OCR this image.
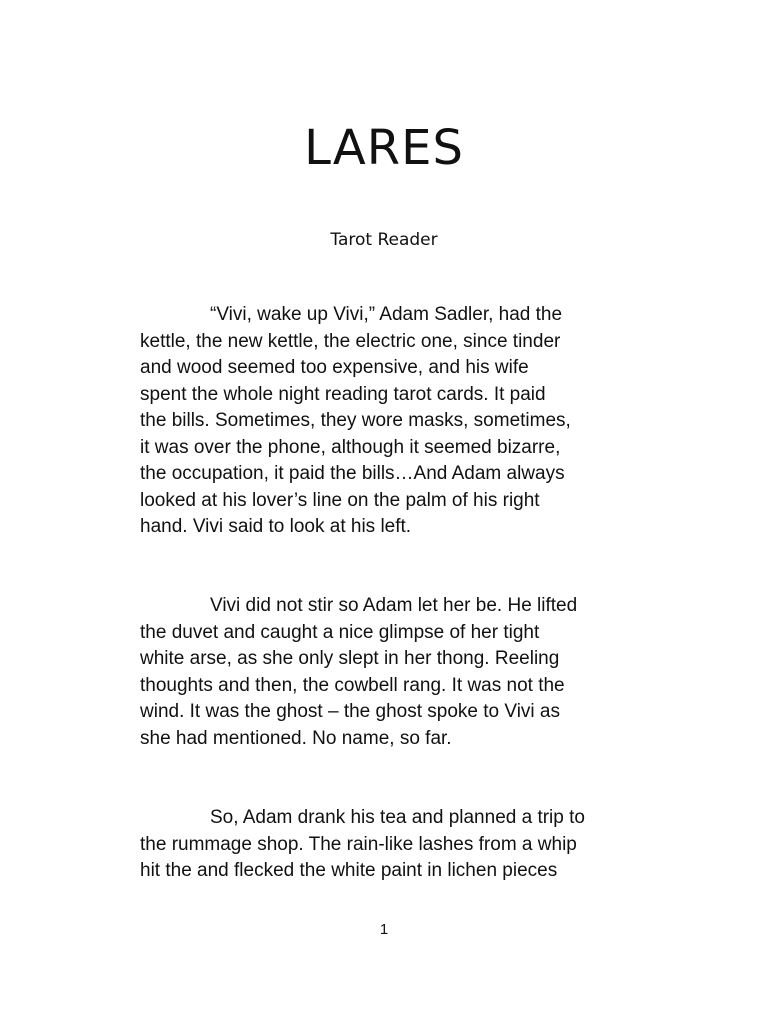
LARES

Tarot Reader

“Vivi, wake up Vivi,” Adam Sadler, had the
kettle, the new kettle, the electric one, since tinder
and wood seemed too expensive, and his wife
spent the whole night reading tarot cards. It paid
the bills. Sometimes, they wore masks, sometimes,
it was over the phone, although it seemed bizarre,
the occupation, it paid the bills…And Adam always
looked at his lover’s line on the palm of his right
hand. Vivi said to look at his left.
Vivi did not stir so Adam let her be. He lifted
the duvet and caught a nice glimpse of her tight
white arse, as she only slept in her thong. Reeling
thoughts and then, the cowbell rang. It was not the
wind. It was the ghost – the ghost spoke to Vivi as
she had mentioned. No name, so far.
So, Adam drank his tea and planned a trip to
the rummage shop. The rain-like lashes from a whip
hit the and flecked the white paint in lichen pieces
1
